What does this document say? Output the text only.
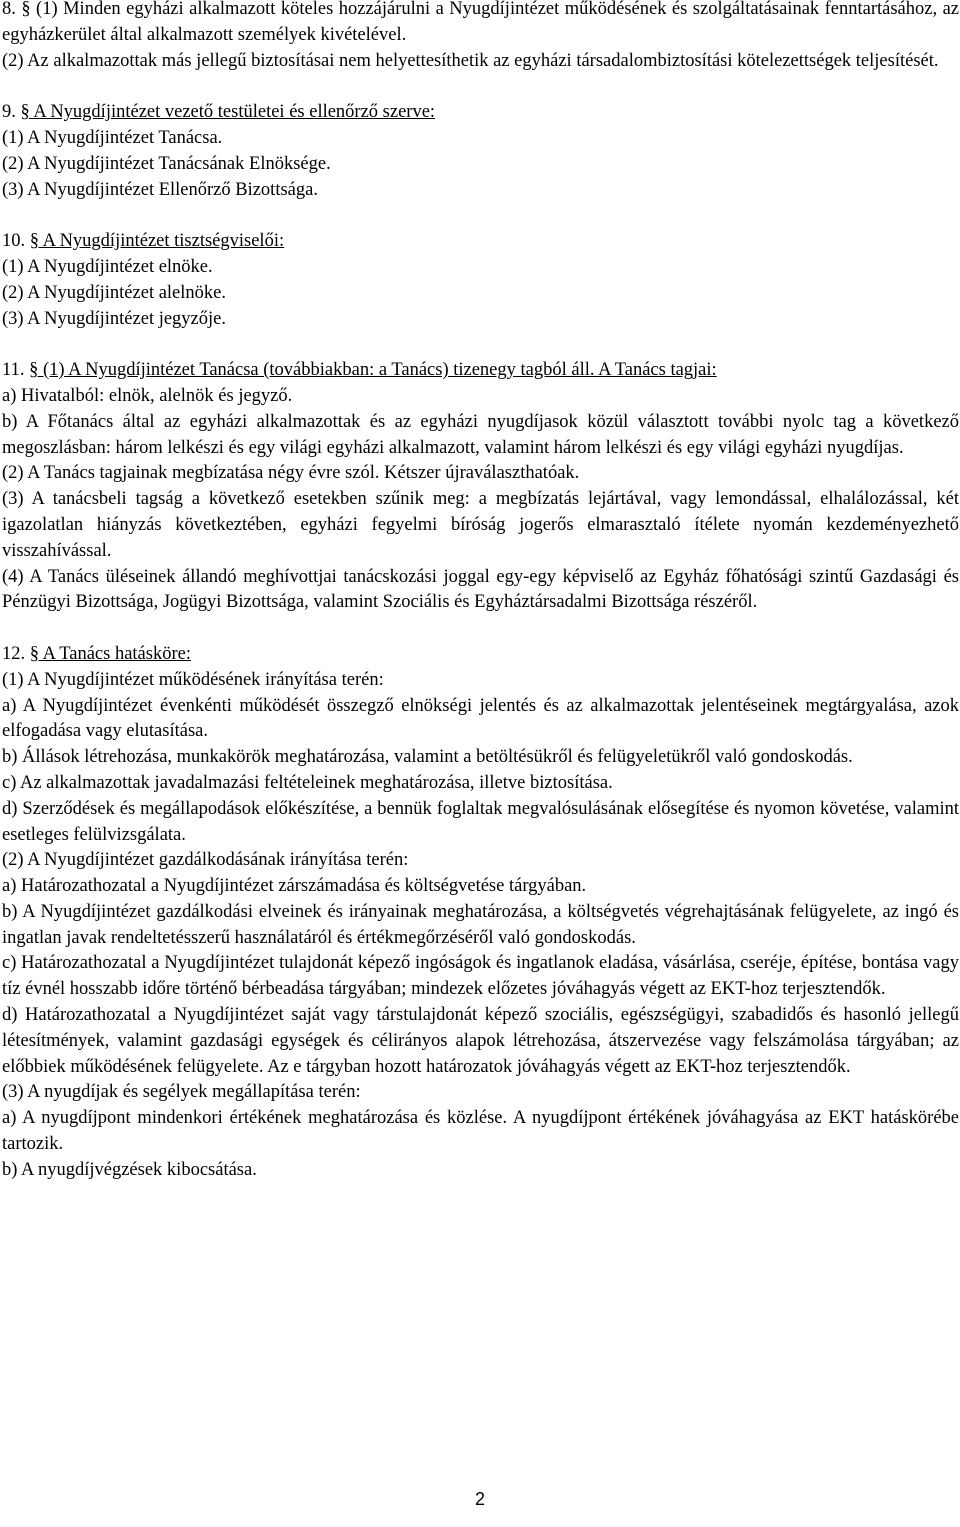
8. § (1) Minden egyházi alkalmazott köteles hozzájárulni a Nyugdíjintézet működésének és szolgáltatásainak fenntartásához, az egyházkerület által alkalmazott személyek kivételével.

(2) Az alkalmazottak más jellegű biztosításai nem helyettesíthetik az egyházi társadalombiztosítási kötelezettségek teljesítését.

9. § A Nyugdíjintézet vezető testületei és ellenőrző szerve:

(1) A Nyugdíjintézet Tanácsa.

(2) A Nyugdíjintézet Tanácsának Elnöksége.

(3) A Nyugdíjintézet Ellenőrző Bizottsága.

10. § A Nyugdíjintézet tisztségviselői:

(1) A Nyugdíjintézet elnöke.

(2) A Nyugdíjintézet alelnöke.

(3) A Nyugdíjintézet jegyzője.

11. § (1) A Nyugdíjintézet Tanácsa (továbbiakban: a Tanács) tizenegy tagból áll. A Tanács tagjai:

a) Hivatalból: elnök, alelnök és jegyző.

b) A Főtanács által az egyházi alkalmazottak és az egyházi nyugdíjasok közül választott további nyolc tag a következő megoszlásban: három lelkészi és egy világi egyházi alkalmazott, valamint három lelkészi és egy világi egyházi nyugdíjas.

(2) A Tanács tagjainak megbízatása négy évre szól. Kétszer újraválaszthatóak.

(3) A tanácsbeli tagság a következő esetekben szűnik meg: a megbízatás lejártával, vagy lemondással, elhalálozással, két igazolatlan hiányzás következtében, egyházi fegyelmi bíróság jogerős elmarasztaló ítélete nyomán kezdeményezhető visszahívással.

(4) A Tanács üléseinek állandó meghívottjai tanácskozási joggal egy-egy képviselő az Egyház főhatósági szintű Gazdasági és Pénzügyi Bizottsága, Jogügyi Bizottsága, valamint Szociális és Egyháztársadalmi Bizottsága részéről.

12. § A Tanács hatásköre:

(1) A Nyugdíjintézet működésének irányítása terén:

a) A Nyugdíjintézet évenkénti működését összegző elnökségi jelentés és az alkalmazottak jelentéseinek megtárgyalása, azok elfogadása vagy elutasítása.

b) Állások létrehozása, munkakörök meghatározása, valamint a betöltésükről és felügyeletükről való gondoskodás.

c) Az alkalmazottak javadalmazási feltételeinek meghatározása, illetve biztosítása.

d) Szerződések és megállapodások előkészítése, a bennük foglaltak megvalósulásának elősegítése és nyomon követése, valamint esetleges felülvizsgálata.

(2) A Nyugdíjintézet gazdálkodásának irányítása terén:

a) Határozathozatal a Nyugdíjintézet zárszámadása és költségvetése tárgyában.

b) A Nyugdíjintézet gazdálkodási elveinek és irányainak meghatározása, a költségvetés végrehajtásának felügyelete, az ingó és ingatlan javak rendeltetésszerű használatáról és értékmegőrzéséről való gondoskodás.

c) Határozathozatal a Nyugdíjintézet tulajdonát képező ingóságok és ingatlanok eladása, vásárlása, cseréje, építése, bontása vagy tíz évnél hosszabb időre történő bérbeadása tárgyában; mindezek előzetes jóváhagyás végett az EKT-hoz terjesztendők.

d) Határozathozatal a Nyugdíjintézet saját vagy társtulajdonát képező szociális, egészségügyi, szabadidős és hasonló jellegű létesítmények, valamint gazdasági egységek és célirányos alapok létrehozása, átszervezése vagy felszámolása tárgyában; az előbbiek működésének felügyelete. Az e tárgyban hozott határozatok jóváhagyás végett az EKT-hoz terjesztendők.

(3) A nyugdíjak és segélyek megállapítása terén:

a) A nyugdíjpont mindenkori értékének meghatározása és közlése. A nyugdíjpont értékének jóváhagyása az EKT hatáskörébe tartozik.

b) A nyugdíjvégzések kibocsátása.

2
